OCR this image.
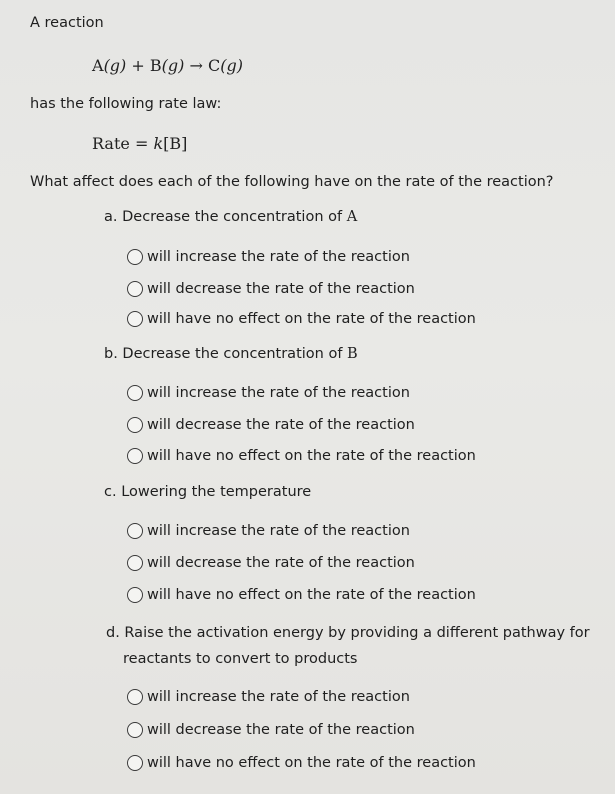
A reaction
A(g) + B(g) → C(g)
has the following rate law:
Rate = k[B]
What affect does each of the following have on the rate of the reaction?
a. Decrease the concentration of A
will increase the rate of the reaction
will decrease the rate of the reaction
will have no effect on the rate of the reaction
b. Decrease the concentration of B
will increase the rate of the reaction
will decrease the rate of the reaction
will have no effect on the rate of the reaction
c. Lowering the temperature
will increase the rate of the reaction
will decrease the rate of the reaction
will have no effect on the rate of the reaction
d. Raise the activation energy by providing a different pathway for
reactants to convert to products
will increase the rate of the reaction
will decrease the rate of the reaction
will have no effect on the rate of the reaction
